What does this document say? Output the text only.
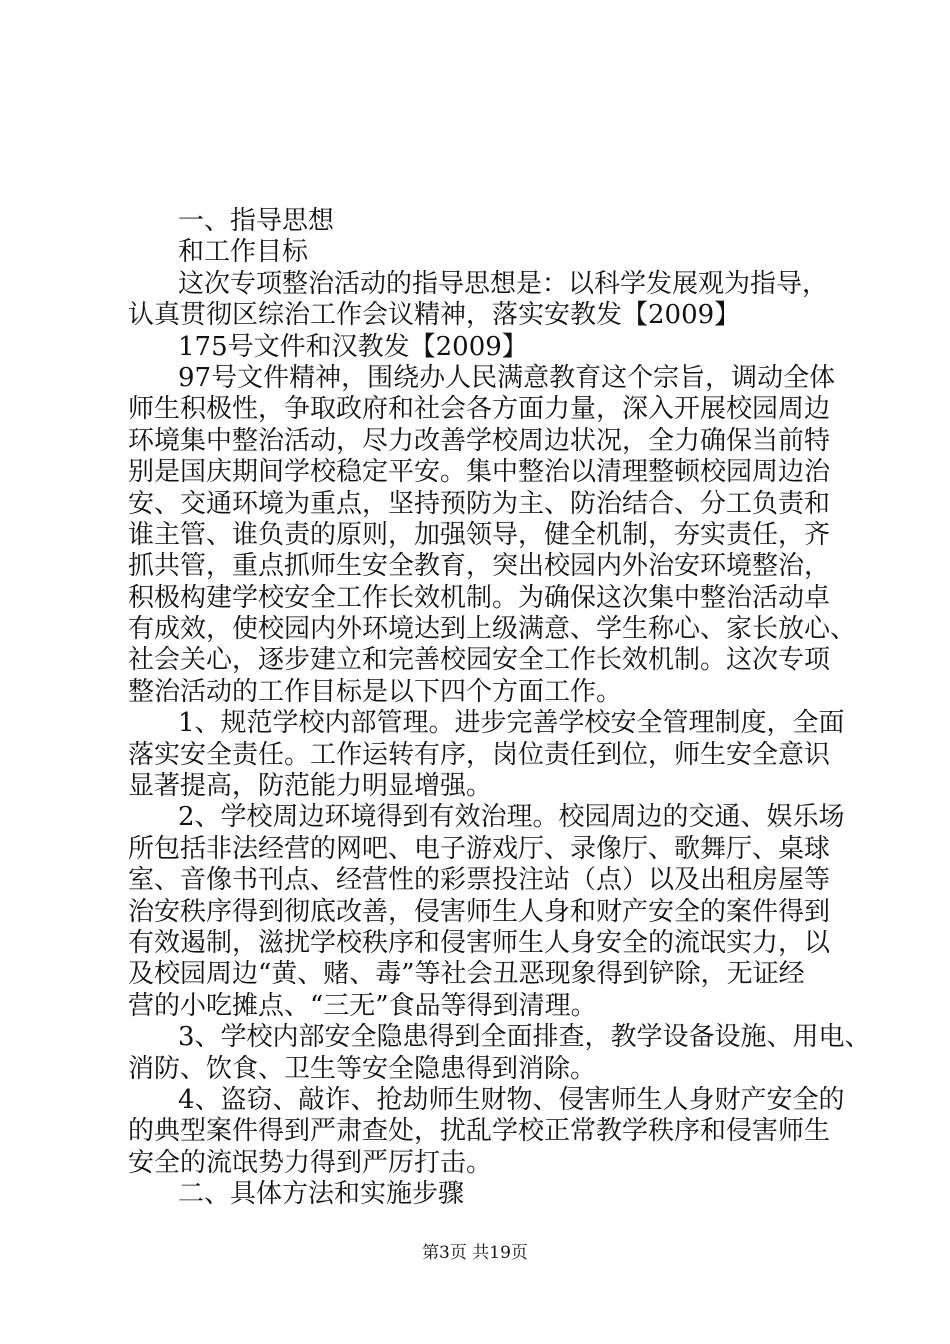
一、指导思想
和工作目标
这次专项整治活动的指导思想是：以科学发展观为指导，
认真贯彻区综治工作会议精神，落实安教发【2009】
175号文件和汉教发【2009】
97号文件精神，围绕办人民满意教育这个宗旨，调动全体
师生积极性，争取政府和社会各方面力量，深入开展校园周边
环境集中整治活动，尽力改善学校周边状况，全力确保当前特
别是国庆期间学校稳定平安。集中整治以清理整顿校园周边治
安、交通环境为重点，坚持预防为主、防治结合、分工负责和
谁主管、谁负责的原则，加强领导，健全机制，夯实责任，齐
抓共管，重点抓师生安全教育，突出校园内外治安环境整治，
积极构建学校安全工作长效机制。为确保这次集中整治活动卓
有成效，使校园内外环境达到上级满意、学生称心、家长放心、
社会关心，逐步建立和完善校园安全工作长效机制。这次专项
整治活动的工作目标是以下四个方面工作。
1、规范学校内部管理。进步完善学校安全管理制度，全面
落实安全责任。工作运转有序，岗位责任到位，师生安全意识
显著提高，防范能力明显增强。
2、学校周边环境得到有效治理。校园周边的交通、娱乐场
所包括非法经营的网吧、电子游戏厅、录像厅、歌舞厅、桌球
室、音像书刊点、经营性的彩票投注站（点）以及出租房屋等
治安秩序得到彻底改善，侵害师生人身和财产安全的案件得到
有效遏制，滋扰学校秩序和侵害师生人身安全的流氓实力，以
及校园周边“黄、赌、毒”等社会丑恶现象得到铲除，无证经
营的小吃摊点、“三无”食品等得到清理。
3、学校内部安全隐患得到全面排查，教学设备设施、用电、
消防、饮食、卫生等安全隐患得到消除。
4、盗窃、敲诈、抢劫师生财物、侵害师生人身财产安全的
的典型案件得到严肃查处，扰乱学校正常教学秩序和侵害师生
安全的流氓势力得到严厉打击。
二、具体方法和实施步骤
第3页 共19页
